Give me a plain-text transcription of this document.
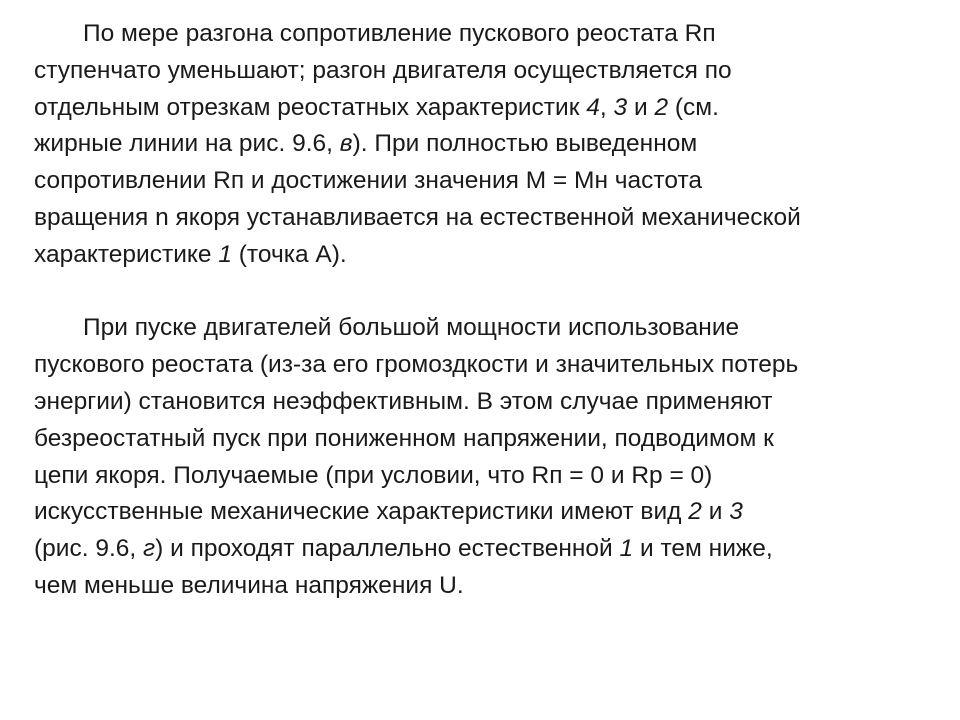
По мере разгона сопротивление пускового реостата Rп
ступенчато уменьшают; разгон двигателя осуществляется по
отдельным отрезкам реостатных характеристик 4, 3 и 2 (см.
жирные линии на рис. 9.6, в). При полностью выведенном
сопротивлении Rп и достижении значения М = Мн частота
вращения n якоря устанавливается на естественной механической
характеристике 1 (точка А).

При пуске двигателей большой мощности использование
пускового реостата (из-за его громоздкости и значительных потерь
энергии) становится неэффективным. В этом случае применяют
безреостатный пуск при пониженном напряжении, подводимом к
цепи якоря. Получаемые (при условии, что Rп = 0 и Rр = 0)
искусственные механические характеристики имеют вид 2 и 3
(рис. 9.6, г) и проходят параллельно естественной 1 и тем ниже,
чем меньше величина напряжения U.
